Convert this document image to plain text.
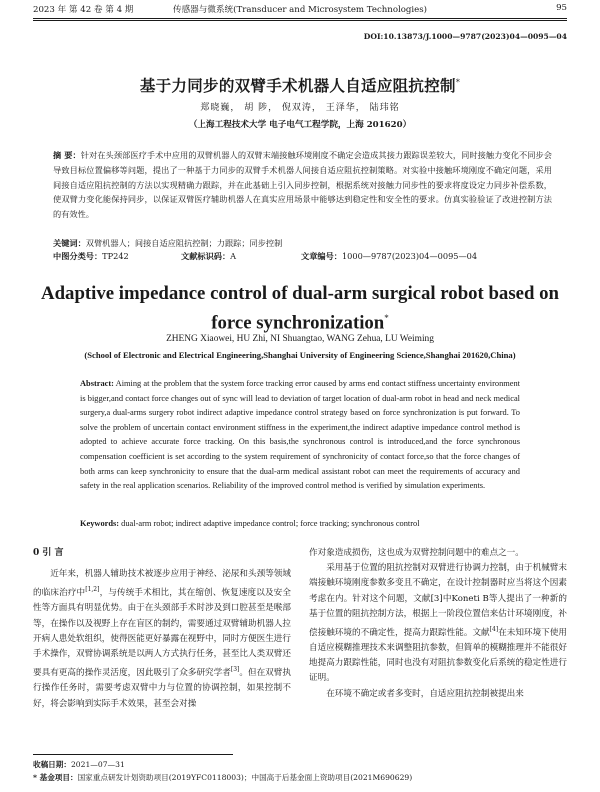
2023 年 第 42 卷 第 4 期	传感器与微系统(Transducer and Microsystem Technologies)	95
DOI:10.13873/J.1000—9787(2023)04—0095—04
基于力同步的双臂手术机器人自适应阻抗控制*
郑晓巍， 胡 陟， 倪双涛， 王泽华， 陆玮铭
（上海工程技术大学 电子电气工程学院，上海 201620）
摘 要：针对在头颈部医疗手术中应用的双臂机器人的双臂末端接触环境刚度不确定会造成其接力跟踪误差较大，同时接触力变化不同步会导致目标位置偏移等问题，提出了一种基于力同步的双臂手术机器人间接自适应阻抗控制策略。对实验中接触环境刚度不确定问题，采用间接自适应阻抗控制的方法以实现精确力跟踪，并在此基础上引入同步控制，根据系统对接触力同步性的要求将度设定力同步补偿系数，使双臂力变化能保持同步，以保证双臂医疗辅助机器人在真实应用场景中能够达到稳定性和安全性的要求。仿真实验验证了改进控制方法的有效性。
关键词：双臂机器人；间接自适应阻抗控制；力跟踪；同步控制
中图分类号：TP242	文献标识码：A	文章编号：1000—9787(2023)04—0095—04
Adaptive impedance control of dual-arm surgical robot based on force synchronization*
ZHENG Xiaowei, HU Zhi, NI Shuangtao, WANG Zehua, LU Weiming
(School of Electronic and Electrical Engineering,Shanghai University of Engineering Science,Shanghai 201620,China)
Abstract: Aiming at the problem that the system force tracking error caused by arms end contact stiffness uncertainty environment is bigger,and contact force changes out of sync will lead to deviation of target location of dual-arm robot in head and neck medical surgery,a dual-arms surgery robot indirect adaptive impedance control strategy based on force synchronization is put forward. To solve the problem of uncertain contact environment stiffness in the experiment,the indirect adaptive impedance control method is adopted to achieve accurate force tracking. On this basis,the synchronous control is introduced,and the force synchronous compensation coefficient is set according to the system requirement of synchronicity of contact force,so that the force changes of both arms can keep synchronicity to ensure that the dual-arm medical assistant robot can meet the requirements of accuracy and safety in the real application scenarios. Reliability of the improved control method is verified by simulation experiments.
Keywords: dual-arm robot; indirect adaptive impedance control; force tracking; synchronous control
0 引 言

近年来，机器人辅助技术被逐步应用于神经、泌尿和头颈等领域的临床治疗中[1,2]，与传统手术相比，其在缩创、恢复速度以及安全性等方面具有明显优势。由于在头颈部手术时涉及到口腔甚至是喉部等，在操作以及视野上存在盲区的制约，需要通过双臂辅助机器人拉开病人患处软组织，使得医能更好暴露在视野中，同时方便医生进行手术操作，双臂协调系统是以两人方式执行任务，甚至比人类双臂还要具有更高的操作灵活度，因此吸引了众多研究学者[3]。但在双臂执行操作任务时，需要考虑双臂中力与位置的协调控制，如果控制不好，将会影响到实际手术效果，甚至会对操

作对象造成损伤，这也成为双臂控制问题中的难点之一。

采用基于位置的阻抗控制对双臂进行协调力控制，由于机械臂末端接触环境刚度参数多变且不确定，在设计控制器时应当将这个因素考虑在内。针对这个问题，文献[3]中Koneti B等人提出了一种新的基于位置的阻抗控制方法，根据上一阶段位置信来估计环境刚度，补偿接触环境的不确定性，提高力跟踪性能。文献[4]在未知环境下使用自适应模糊推理技术来调整阻抗参数，但简单的模糊推理并不能很好地提高力跟踪性能，同时也没有对阻抗参数变化后系统的稳定性进行证明。

在环境不确定或者多变时，自适应阻抗控制被提出来

收稿日期：2021—07—31
* 基金项目：国家重点研发计划资助项目(2019YFC0118003)；中国高于后基金面上资助项目(2021M690629)
